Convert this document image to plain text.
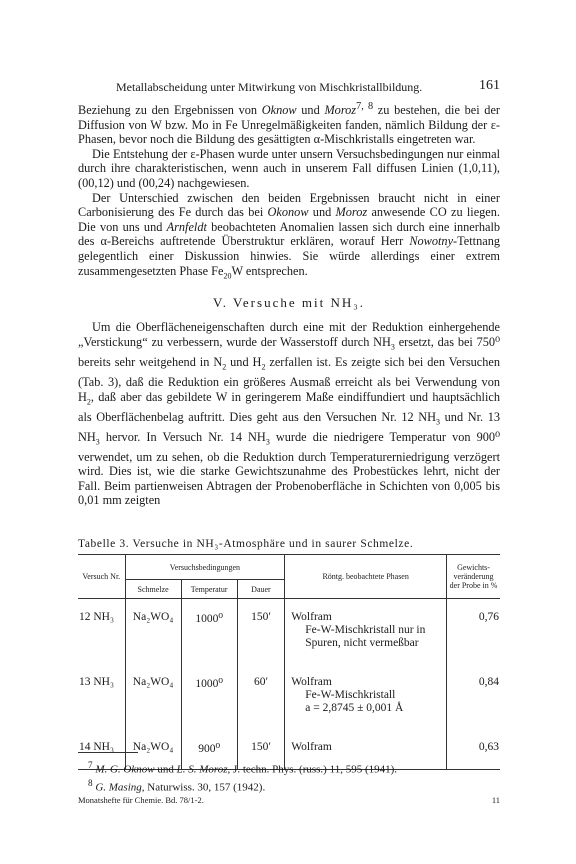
Metallabscheidung unter Mitwirkung von Mischkristallbildung.	161

Beziehung zu den Ergebnissen von Oknow und Moroz$^{7, 8}$ zu bestehen, die bei der Diffusion von W bzw. Mo in Fe Unregelmäßigkeiten fanden, nämlich Bildung der ε-Phasen, bevor noch die Bildung des gesättigten α-Mischkristalls eingetreten war.

Die Entstehung der ε-Phasen wurde unter unsern Versuchsbedingungen nur einmal durch ihre charakteristischen, wenn auch in unserem Fall diffusen Linien (1,0,11), (00,12) und (00,24) nachgewiesen.

Der Unterschied zwischen den beiden Ergebnissen braucht nicht in einer Carbonisierung des Fe durch das bei Okonow und Moroz anwesende CO zu liegen. Die von uns und Arnfeldt beobachteten Anomalien lassen sich durch eine innerhalb des α-Bereichs auftretende Überstruktur erklären, worauf Herr Nowotny-Tettnang gelegentlich einer Diskussion hinwies. Sie würde allerdings einer extrem zusammengesetzten Phase $Fe_{20}W$ entsprechen.

V. Versuche mit NH₃.

Um die Oberflächeneigenschaften durch eine mit der Reduktion einhergehende „Verstickung“ zu verbessern, wurde der Wasserstoff durch $NH_3$ ersetzt, das bei 750⁰ bereits sehr weitgehend in $N_2$ und $H_2$ zerfallen ist. Es zeigte sich bei den Versuchen (Tab. 3), daß die Reduktion ein größeres Ausmaß erreicht als bei Verwendung von $H_2$, daß aber das gebildete W in geringerem Maße eindiffundiert und hauptsächlich als Oberflächenbelag auftritt. Dies geht aus den Versuchen Nr. 12 $NH_3$ und Nr. 13 $NH_3$ hervor. In Versuch Nr. 14 $NH_3$ wurde die niedrigere Temperatur von 900⁰ verwendet, um zu sehen, ob die Reduktion durch Temperaturerniedrigung verzögert wird. Dies ist, wie die starke Gewichtszunahme des Probestückes lehrt, nicht der Fall. Beim partienweisen Abtragen der Probenoberfläche in Schichten von 0,005 bis 0,01 mm zeigten

Tabelle 3. Versuche in NH₃-Atmosphäre und in saurer Schmelze.
Versuch Nr.	Versuchsbedingungen			Röntg. beobachtete Phasen	Gewichts-veränderung der Probe in %
	Schmelze	Temperatur	Dauer		
12 NH₃	Na₂WO₄	1000⁰	150′	Wolfram
Fe-W-Mischkristall nur in
Spuren, nicht vermeßbar	0,76
13 NH₃	Na₂WO₄	1000⁰	60′	Wolfram
Fe-W-Mischkristall
a = 2,8745 ± 0,001 Å	0,84
14 NH₃	Na₂WO₄	900⁰	150′	Wolfram	0,63

$^7$ M. G. Oknow und L. S. Moroz, J. techn. Phys. (russ.) 11, 595 (1941).

$^8$ G. Masing, Naturwiss. 30, 157 (1942).

Monatshefte für Chemie. Bd. 78/1-2.	11
